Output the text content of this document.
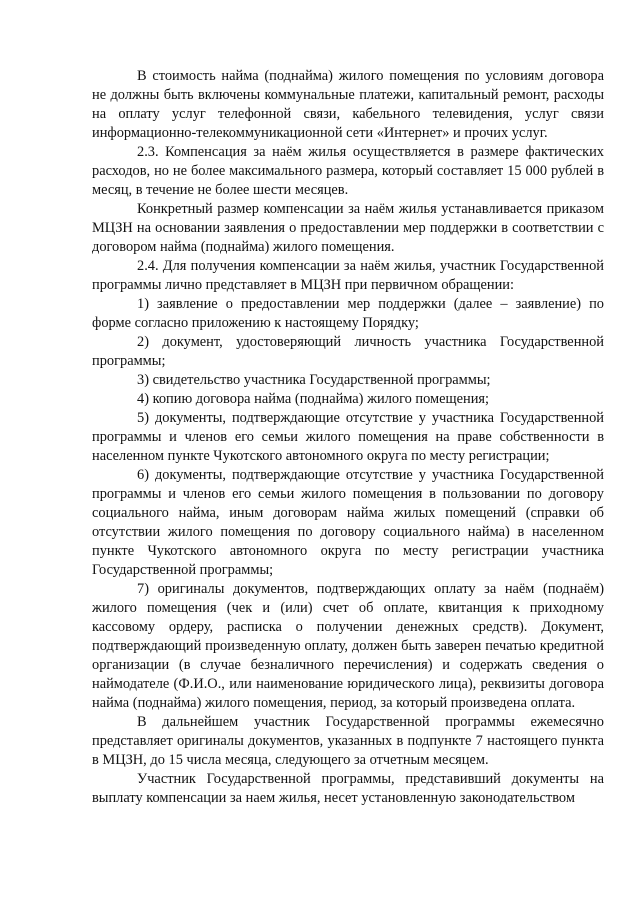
В стоимость найма (поднайма) жилого помещения по условиям договора не должны быть включены коммунальные платежи, капитальный ремонт, расходы на оплату услуг телефонной связи, кабельного телевидения, услуг связи информационно-телекоммуникационной сети «Интернет» и прочих услуг.

2.3. Компенсация за наём жилья осуществляется в размере фактических расходов, но не более максимального размера, который составляет 15 000 рублей в месяц, в течение не более шести месяцев.

Конкретный размер компенсации за наём жилья устанавливается приказом МЦЗН на основании заявления о предоставлении мер поддержки в соответствии с договором найма (поднайма) жилого помещения.

2.4. Для получения компенсации за наём жилья, участник Государственной программы лично представляет в МЦЗН при первичном обращении:

1) заявление о предоставлении мер поддержки (далее – заявление) по форме согласно приложению к настоящему Порядку;

2) документ, удостоверяющий личность участника Государственной программы;

3) свидетельство участника Государственной программы;

4) копию договора найма (поднайма) жилого помещения;

5) документы, подтверждающие отсутствие у участника Государственной программы и членов его семьи жилого помещения на праве собственности в населенном пункте Чукотского автономного округа по месту регистрации;

6) документы, подтверждающие отсутствие у участника Государственной программы и членов его семьи жилого помещения в пользовании по договору социального найма, иным договорам найма жилых помещений (справки об отсутствии жилого помещения по договору социального найма) в населенном пункте Чукотского автономного округа по месту регистрации участника Государственной программы;

7) оригиналы документов, подтверждающих оплату за наём (поднаём) жилого помещения (чек и (или) счет об оплате, квитанция к приходному кассовому ордеру, расписка о получении денежных средств). Документ, подтверждающий произведенную оплату, должен быть заверен печатью кредитной организации (в случае безналичного перечисления) и содержать сведения о наймодателе (Ф.И.О., или наименование юридического лица), реквизиты договора найма (поднайма) жилого помещения, период, за который произведена оплата.

В дальнейшем участник Государственной программы ежемесячно представляет оригиналы документов, указанных в подпункте 7 настоящего пункта в МЦЗН, до 15 числа месяца, следующего за отчетным месяцем.

Участник Государственной программы, представивший документы на выплату компенсации за наем жилья, несет установленную законодательством
